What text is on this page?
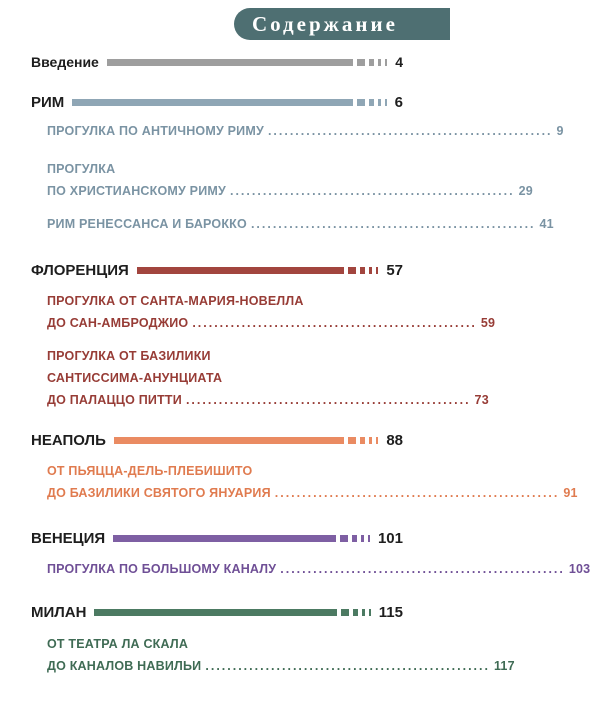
Содержание
Введение	4
РИМ	6
ПРОГУЛКА ПО АНТИЧНОМУ РИМУ .................................................... 9
ПРОГУЛКА
ПО ХРИСТИАНСКОМУ РИМУ .................................................... 29
РИМ РЕНЕССАНСА И БАРОККО .................................................... 41
ФЛОРЕНЦИЯ	57
ПРОГУЛКА ОТ САНТА-МАРИЯ-НОВЕЛЛА
ДО САН-АМБРОДЖИО .................................................... 59
ПРОГУЛКА ОТ БАЗИЛИКИ
САНТИССИМА-АНУНЦИАТА
ДО ПАЛАЦЦО ПИТТИ .................................................... 73
НЕАПОЛЬ	88
ОТ ПЬЯЦЦА-ДЕЛЬ-ПЛЕБИШИТО
ДО БАЗИЛИКИ СВЯТОГО ЯНУАРИЯ .................................................... 91
ВЕНЕЦИЯ	101
ПРОГУЛКА ПО БОЛЬШОМУ КАНАЛУ .................................................... 103
МИЛАН	115
ОТ ТЕАТРА ЛА СКАЛА
ДО КАНАЛОВ НАВИЛЬИ .................................................... 117
